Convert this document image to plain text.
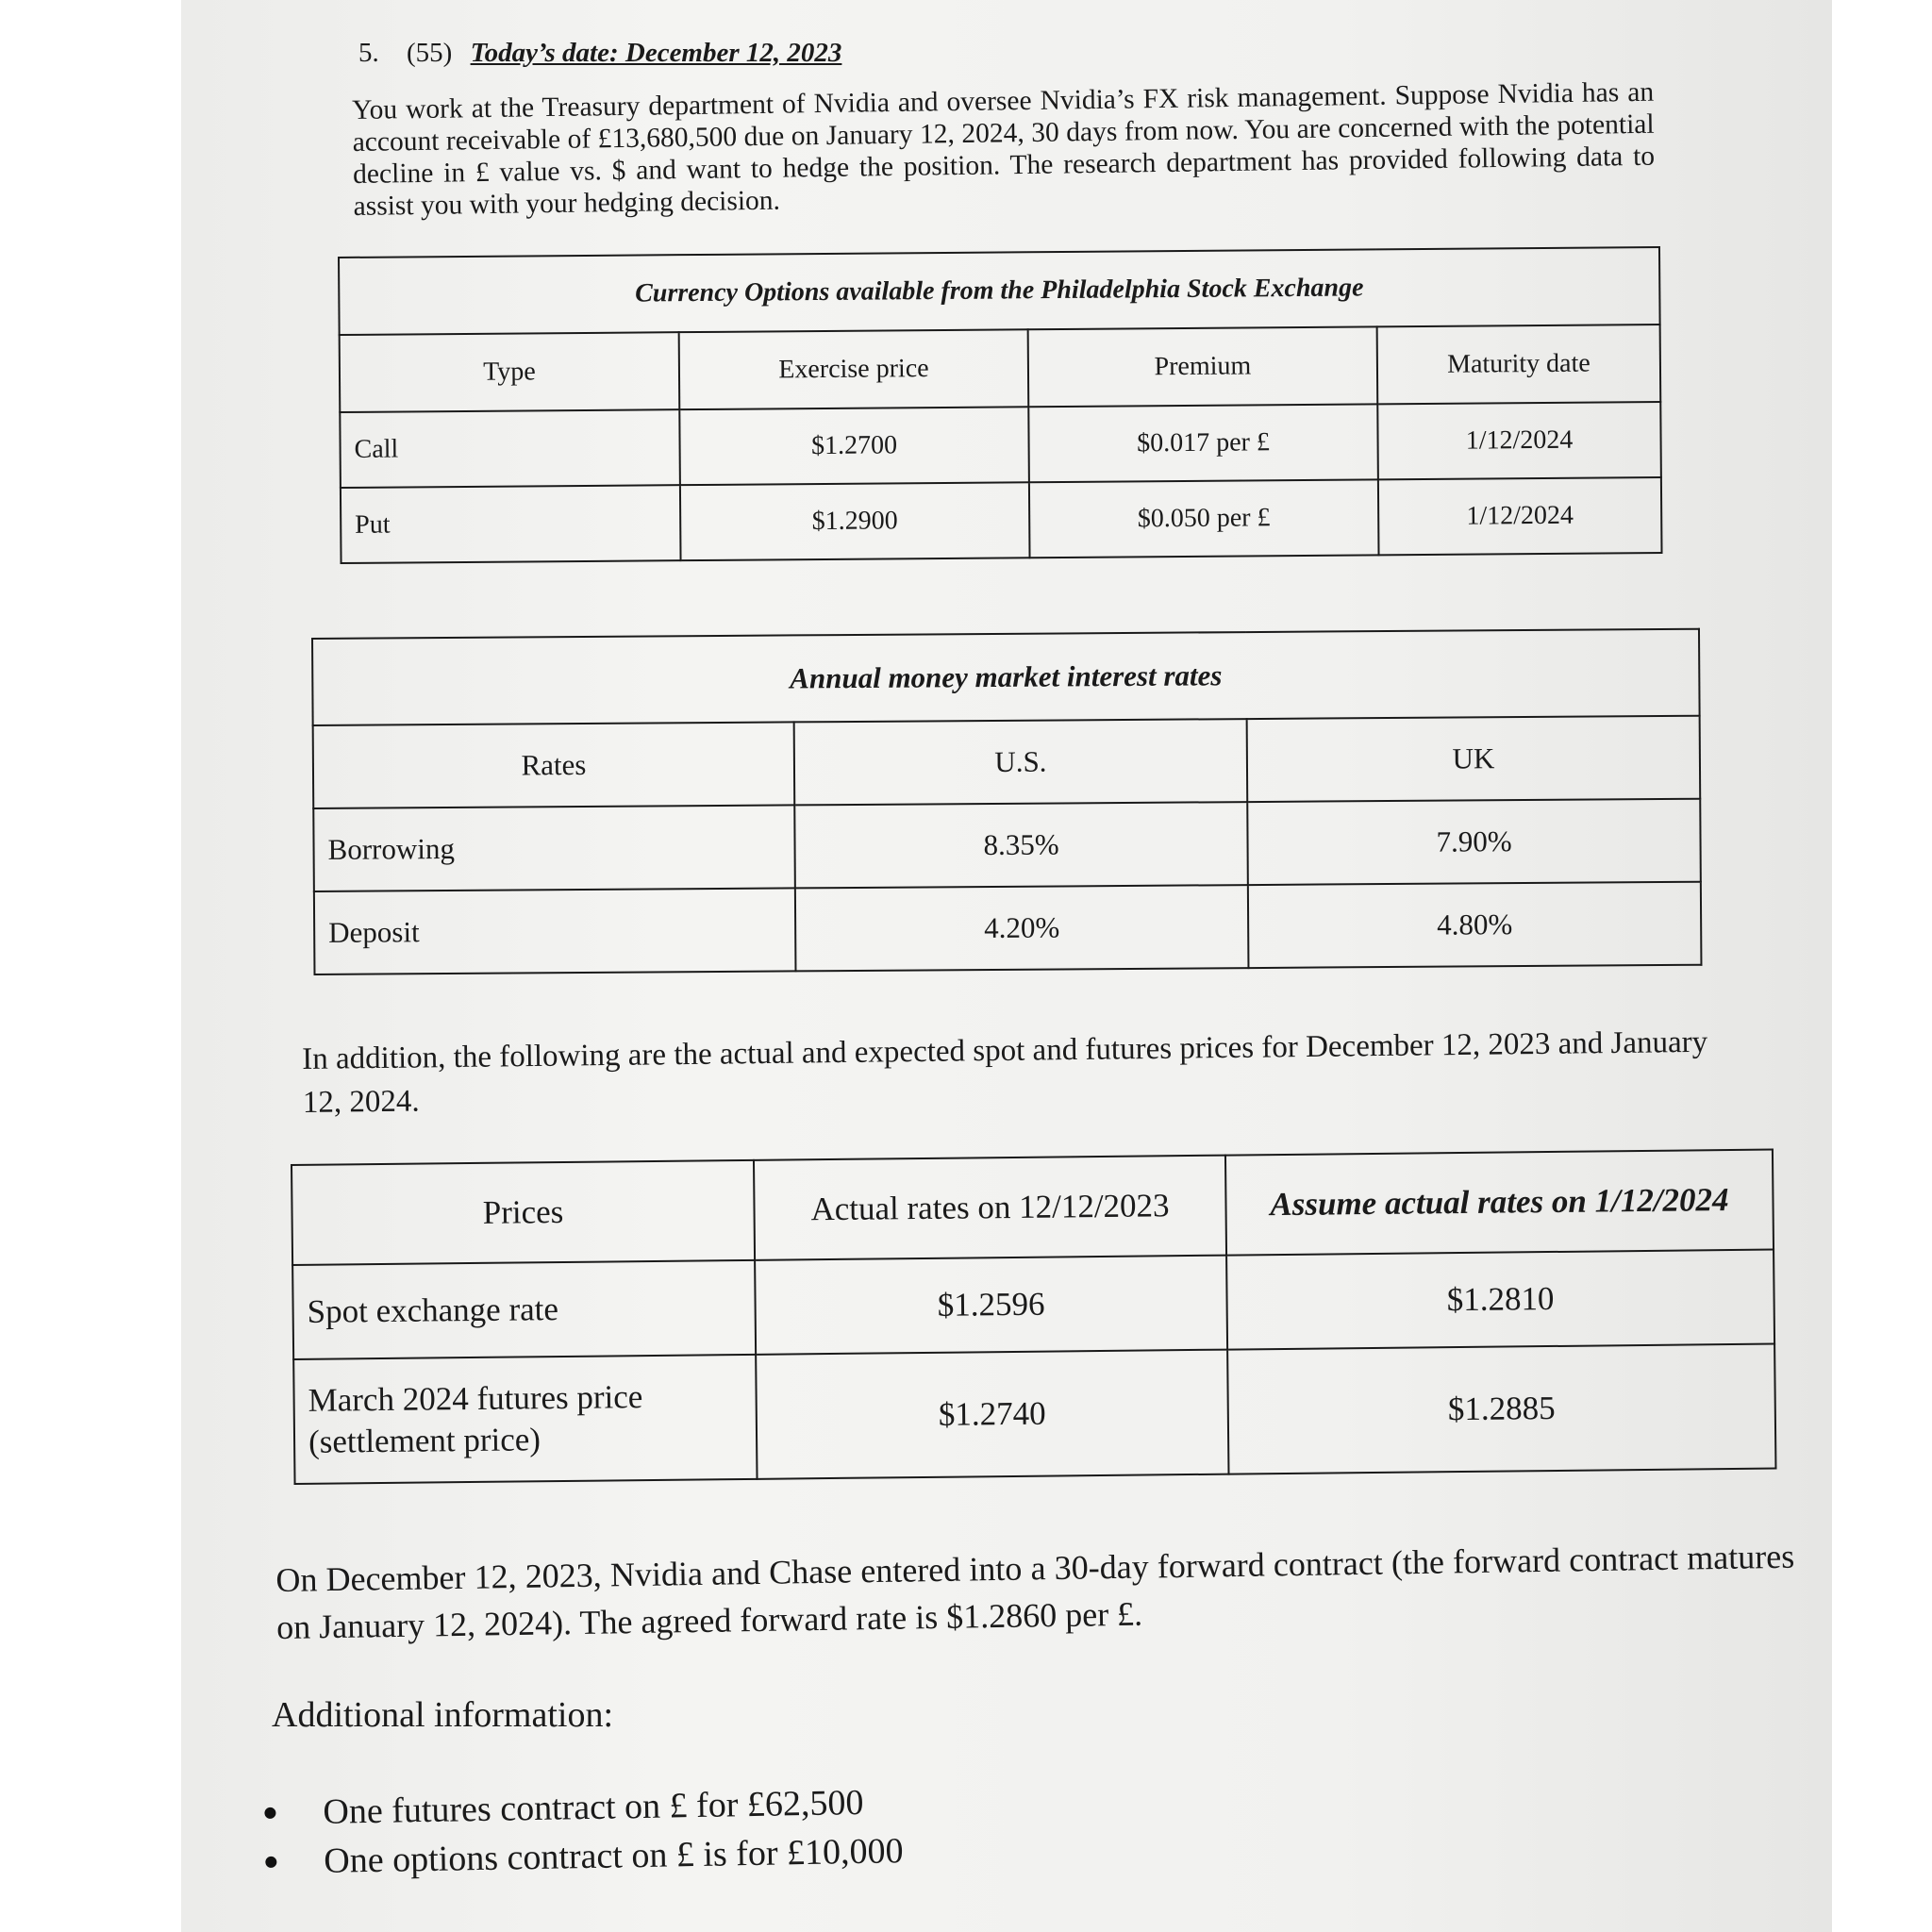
5. (55) Today’s date: December 12, 2023
You work at the Treasury department of Nvidia and oversee Nvidia’s FX risk management. Suppose Nvidia has an account receivable of £13,680,500 due on January 12, 2024, 30 days from now. You are concerned with the potential decline in £ value vs. $ and want to hedge the position. The research department has provided following data to assist you with your hedging decision.
Currency Options available from the Philadelphia Stock Exchange			
Type	Exercise price	Premium	Maturity date
Call	$1.2700	$0.017 per £	1/12/2024
Put	$1.2900	$0.050 per £	1/12/2024
Annual money market interest rates		
Rates	U.S.	UK
Borrowing	8.35%	7.90%
Deposit	4.20%	4.80%
In addition, the following are the actual and expected spot and futures prices for December 12, 2023 and January 12, 2024.
Prices	Actual rates on 12/12/2023	Assume actual rates on 1/12/2024
Spot exchange rate	$1.2596	$1.2810
March 2024 futures price (settlement price)	$1.2740	$1.2885
On December 12, 2023, Nvidia and Chase entered into a 30-day forward contract (the forward contract matures on January 12, 2024). The agreed forward rate is $1.2860 per £.
Additional information:
One futures contract on £ for £62,500
One options contract on £ is for £10,000
